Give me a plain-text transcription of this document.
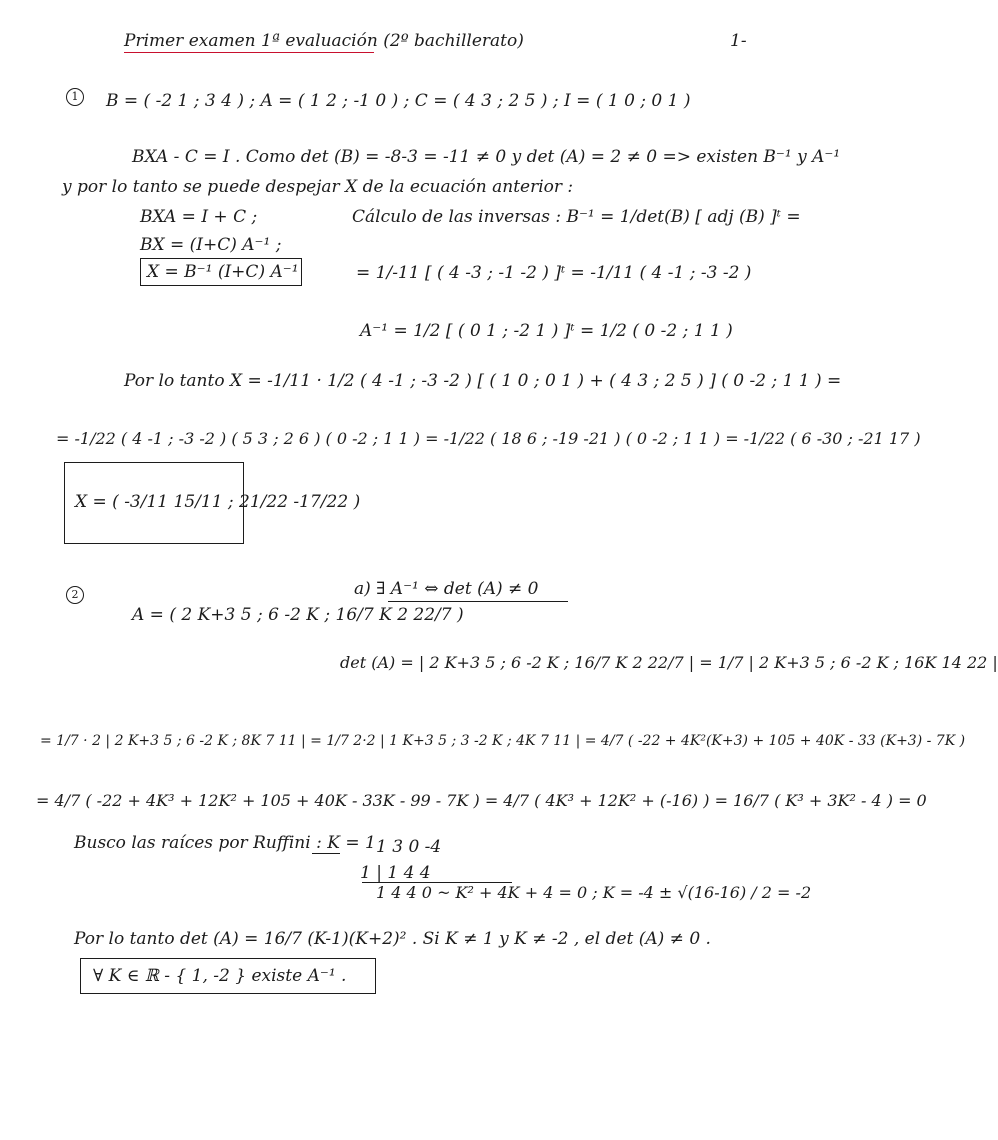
Primer examen 1ª evaluación (2º bachillerato)	1-
1	B = ( -2 1 ; 3 4 ) ; A = ( 1 2 ; -1 0 ) ; C = ( 4 3 ; 2 5 ) ; I = ( 1 0 ; 0 1 )
BXA - C = I . Como det (B) = -8-3 = -11 ≠ 0 y det (A) = 2 ≠ 0 => existen B⁻¹ y A⁻¹
y por lo tanto se puede despejar X de la ecuación anterior :
BXA = I + C ;	Cálculo de las inversas : B⁻¹ = 1/det(B) [ adj (B) ]ᵗ =
BX = (I+C) A⁻¹ ;
X = B⁻¹ (I+C) A⁻¹	= 1/-11 [ ( 4 -3 ; -1 -2 ) ]ᵗ = -1/11 ( 4 -1 ; -3 -2 )
A⁻¹ = 1/2 [ ( 0 1 ; -2 1 ) ]ᵗ = 1/2 ( 0 -2 ; 1 1 )
Por lo tanto X = -1/11 · 1/2 ( 4 -1 ; -3 -2 ) [ ( 1 0 ; 0 1 ) + ( 4 3 ; 2 5 ) ] ( 0 -2 ; 1 1 ) =
= -1/22 ( 4 -1 ; -3 -2 ) ( 5 3 ; 2 6 ) ( 0 -2 ; 1 1 ) = -1/22 ( 18 6 ; -19 -21 ) ( 0 -2 ; 1 1 ) = -1/22 ( 6 -30 ; -21 17 )
X = ( -3/11 15/11 ; 21/22 -17/22 )
2
A = ( 2 K+3 5 ; 6 -2 K ; 16/7 K 2 22/7 )
a) ∃ A⁻¹ ⇔ det (A) ≠ 0
det (A) = | 2 K+3 5 ; 6 -2 K ; 16/7 K 2 22/7 | = 1/7 | 2 K+3 5 ; 6 -2 K ; 16K 14 22 |
= 1/7 · 2 | 2 K+3 5 ; 6 -2 K ; 8K 7 11 | = 1/7 2·2 | 1 K+3 5 ; 3 -2 K ; 4K 7 11 | = 4/7 ( -22 + 4K²(K+3) + 105 + 40K - 33 (K+3) - 7K )
= 4/7 ( -22 + 4K³ + 12K² + 105 + 40K - 33K - 99 - 7K ) = 4/7 ( 4K³ + 12K² + (-16) ) = 16/7 ( K³ + 3K² - 4 ) = 0
Busco las raíces por Ruffini : K = 1 1 3 0 -4
1 | 1 4 4
1 4 4 0 ~ K² + 4K + 4 = 0 ; K = -4 ± √(16-16) / 2 = -2
Por lo tanto det (A) = 16/7 (K-1)(K+2)² . Si K ≠ 1 y K ≠ -2 , el det (A) ≠ 0 .
∀ K ∈ ℝ - { 1, -2 } existe A⁻¹ .
